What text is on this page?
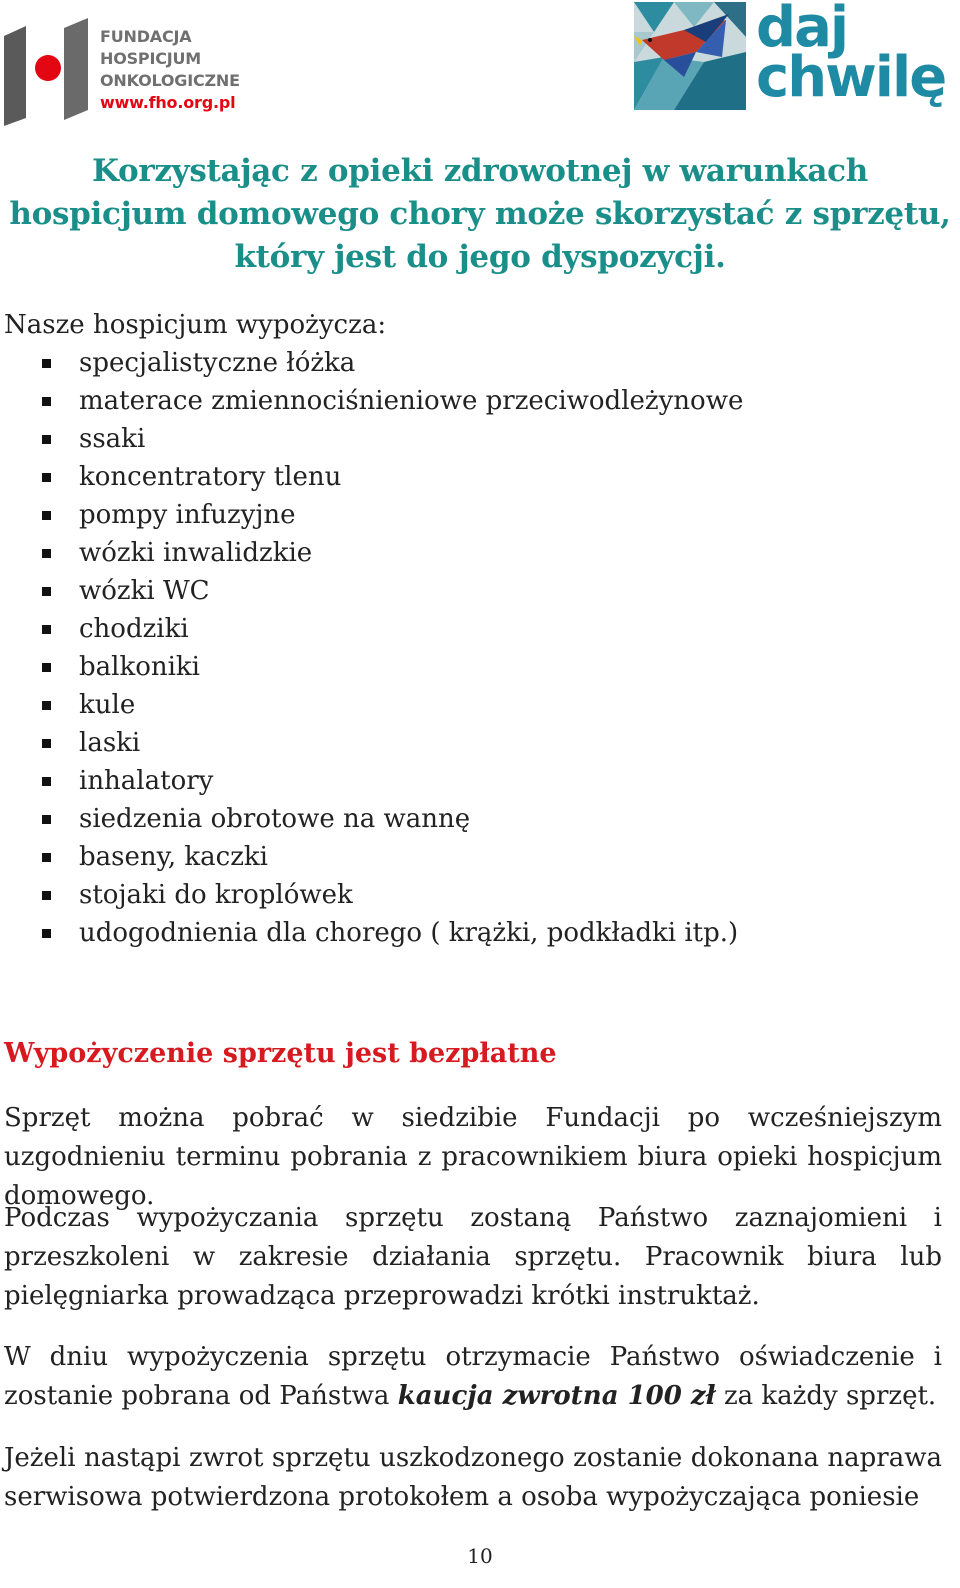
FUNDACJA
HOSPICJUM
ONKOLOGICZNE
www.fho.org.pl
daj
chwilę
Korzystając z opieki zdrowotnej w warunkach
hospicjum domowego chory może skorzystać z sprzętu,
który jest do jego dyspozycji.

Nasze hospicjum wypożycza:

specjalistyczne łóżka
materace zmiennociśnieniowe przeciwodleżynowe
ssaki
koncentratory tlenu
pompy infuzyjne
wózki inwalidzkie
wózki WC
chodziki
balkoniki
kule
laski
inhalatory
siedzenia obrotowe na wannę
baseny, kaczki
stojaki do kroplówek
udogodnienia dla chorego ( krążki, podkładki itp.)
Wypożyczenie sprzętu jest bezpłatne

Sprzęt można pobrać w siedzibie Fundacji po wcześniejszym uzgodnieniu terminu pobrania z pracownikiem biura opieki hospicjum domowego.

Podczas wypożyczania sprzętu zostaną Państwo zaznajomieni i przeszkoleni w zakresie działania sprzętu. Pracownik biura lub pielęgniarka prowadząca przeprowadzi krótki instruktaż.

W dniu wypożyczenia sprzętu otrzymacie Państwo oświadczenie i zostanie pobrana od Państwa kaucja zwrotna 100 zł za każdy sprzęt.

Jeżeli nastąpi zwrot sprzętu uszkodzonego zostanie dokonana naprawa serwisowa potwierdzona protokołem a osoba wypożyczająca poniesie

10
